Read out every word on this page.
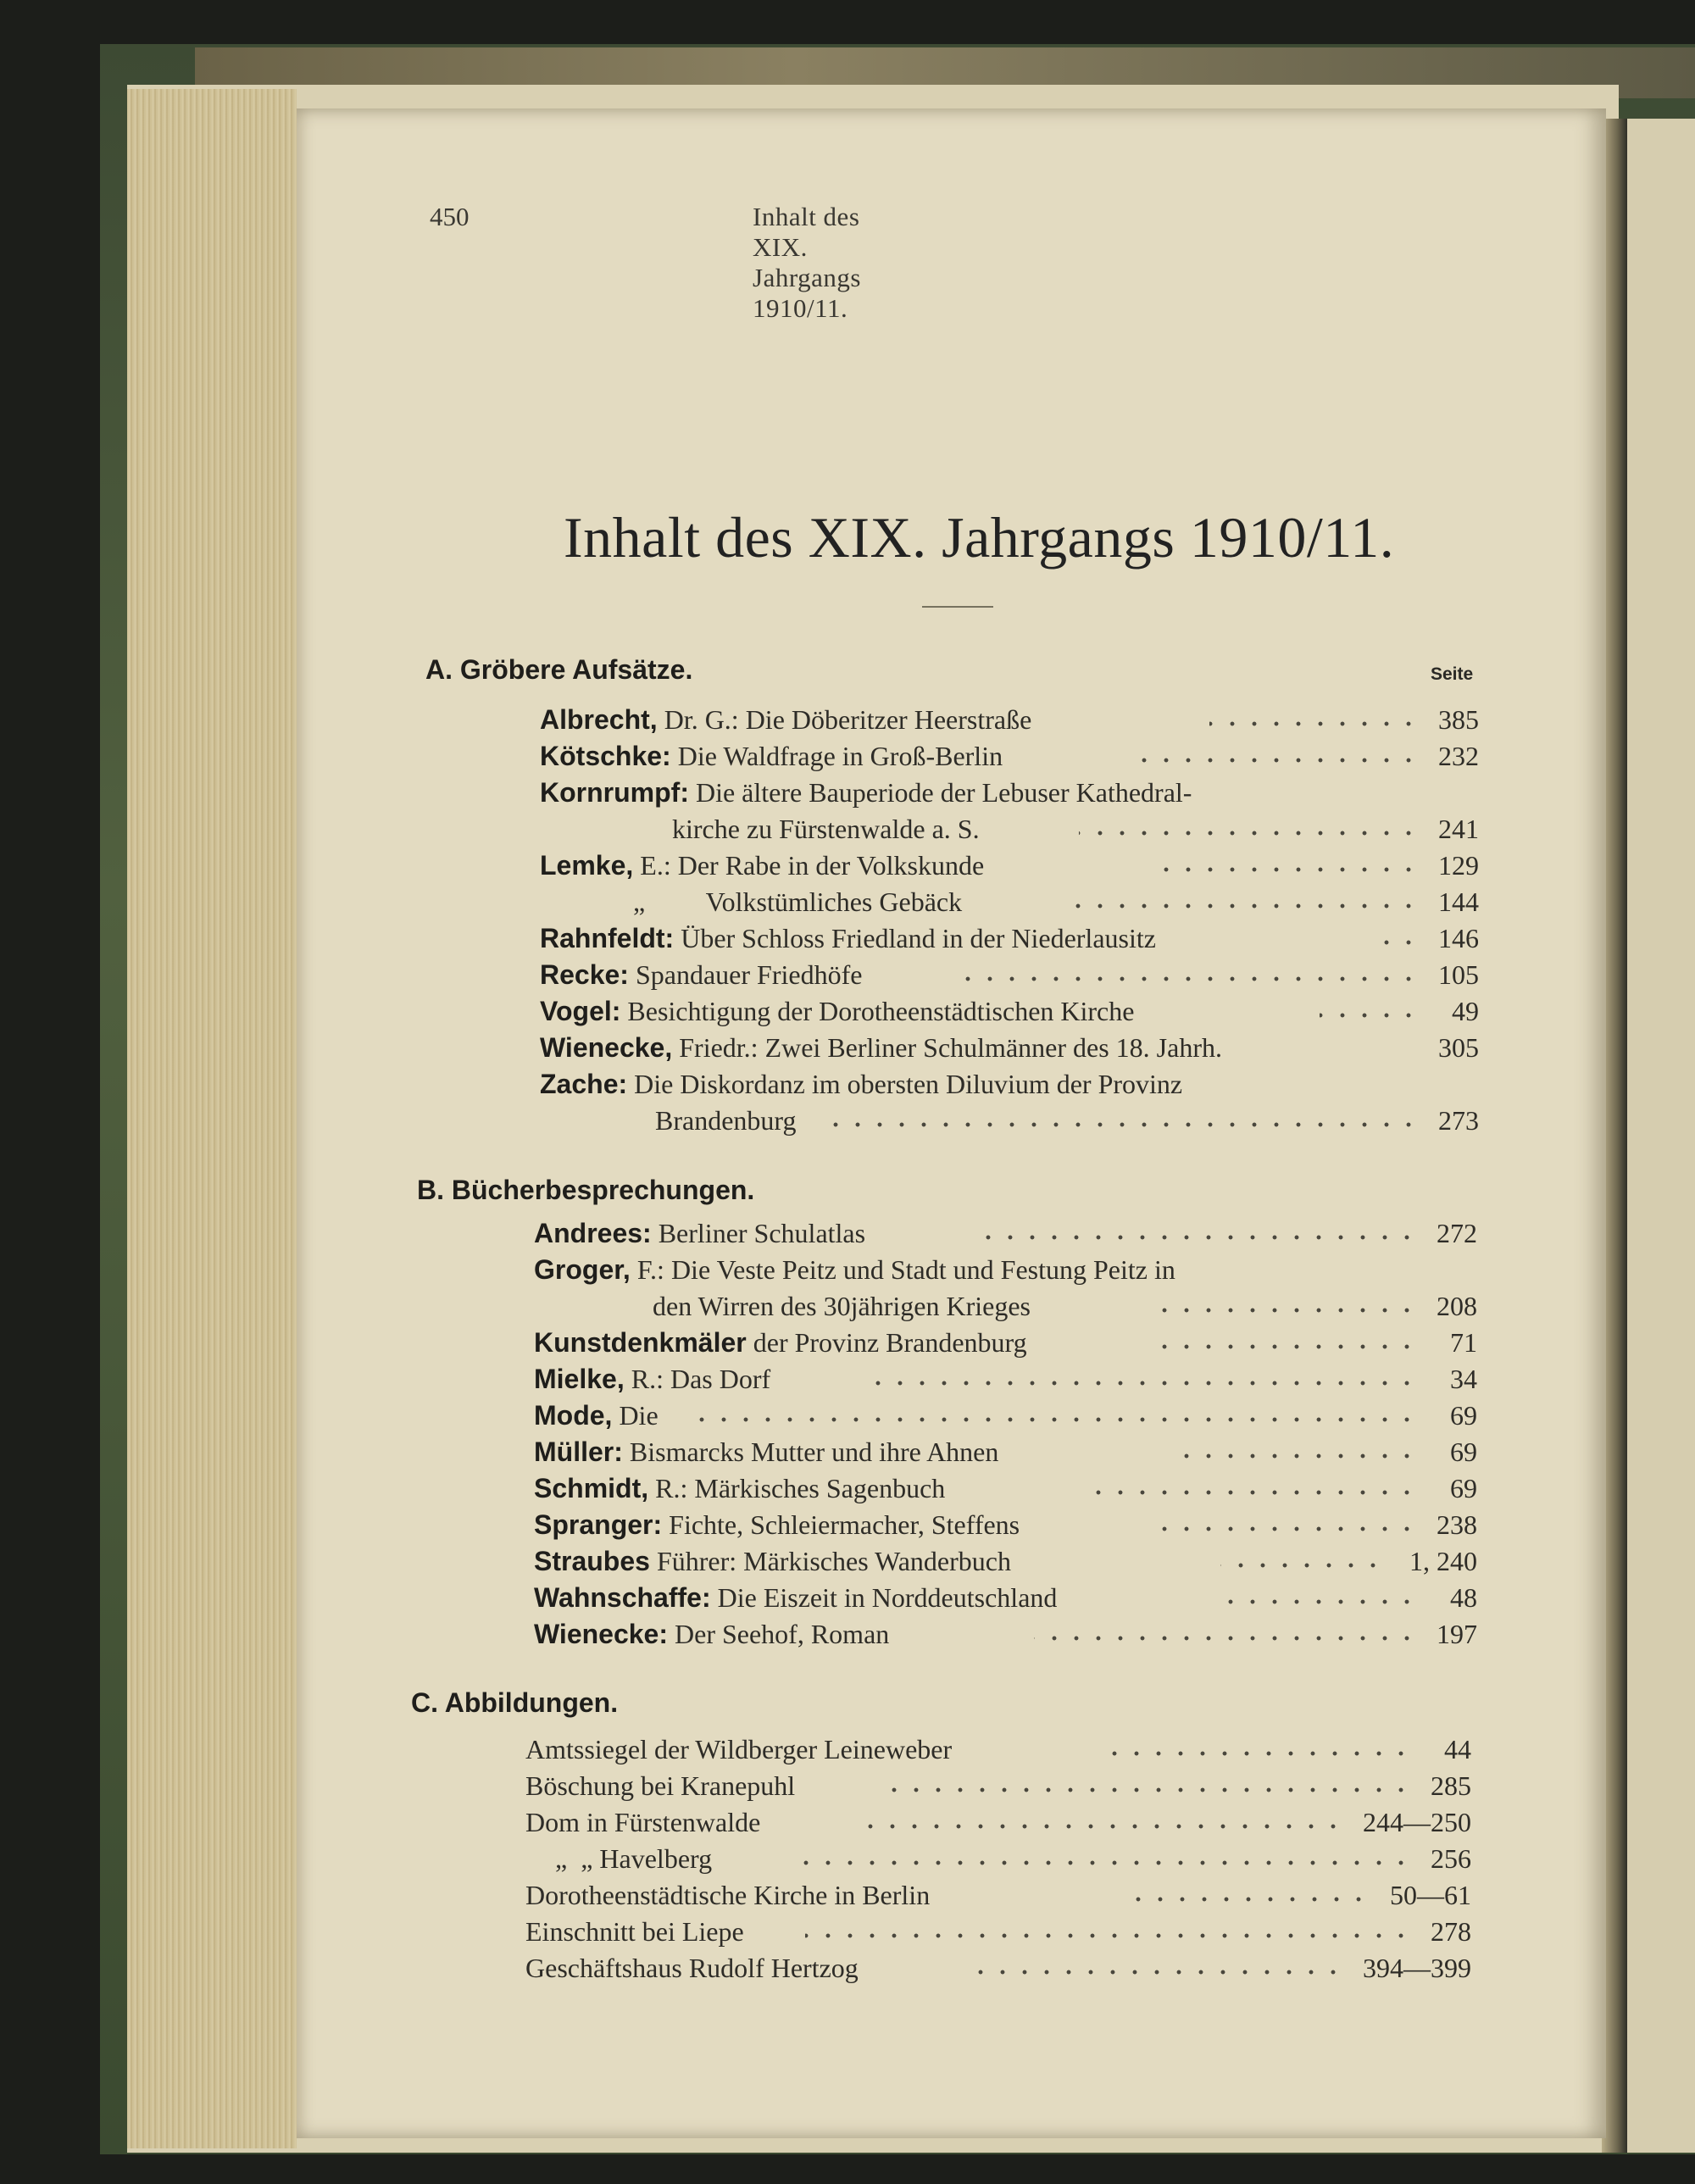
450	Inhalt des XIX. Jahrgangs 1910/11.
Inhalt des XIX. Jahrgangs 1910/11.
A. Gröbere Aufsätze.	Seite
Albrecht, Dr. G.: Die Döberitzer Heerstraße	385
Kötschke: Die Waldfrage in Groß-Berlin	232
Kornrumpf: Die ältere Bauperiode der Lebuser Kathedral-
kirche zu Fürstenwalde a. S.	241
Lemke, E.: Der Rabe in der Volkskunde	129
„         Volkstümliches Gebäck	144
Rahnfeldt: Über Schloss Friedland in der Niederlausitz	146
Recke: Spandauer Friedhöfe	105
Vogel: Besichtigung der Dorotheenstädtischen Kirche	49
Wienecke, Friedr.: Zwei Berliner Schulmänner des 18. Jahrh.	305
Zache: Die Diskordanz im obersten Diluvium der Provinz
Brandenburg	273
B. Bücherbesprechungen.
Andrees: Berliner Schulatlas	272
Groger, F.: Die Veste Peitz und Stadt und Festung Peitz in
den Wirren des 30jährigen Krieges	208
Kunstdenkmäler der Provinz Brandenburg	71
Mielke, R.: Das Dorf	34
Mode, Die	69
Müller: Bismarcks Mutter und ihre Ahnen	69
Schmidt, R.: Märkisches Sagenbuch	69
Spranger: Fichte, Schleiermacher, Steffens	238
Straubes Führer: Märkisches Wanderbuch	1, 240
Wahnschaffe: Die Eiszeit in Norddeutschland	48
Wienecke: Der Seehof, Roman	197
C. Abbildungen.
Amtssiegel der Wildberger Leineweber	44
Böschung bei Kranepuhl	285
Dom in Fürstenwalde	244—250
„  „ Havelberg	256
Dorotheenstädtische Kirche in Berlin	50—61
Einschnitt bei Liepe	278
Geschäftshaus Rudolf Hertzog	394—399
